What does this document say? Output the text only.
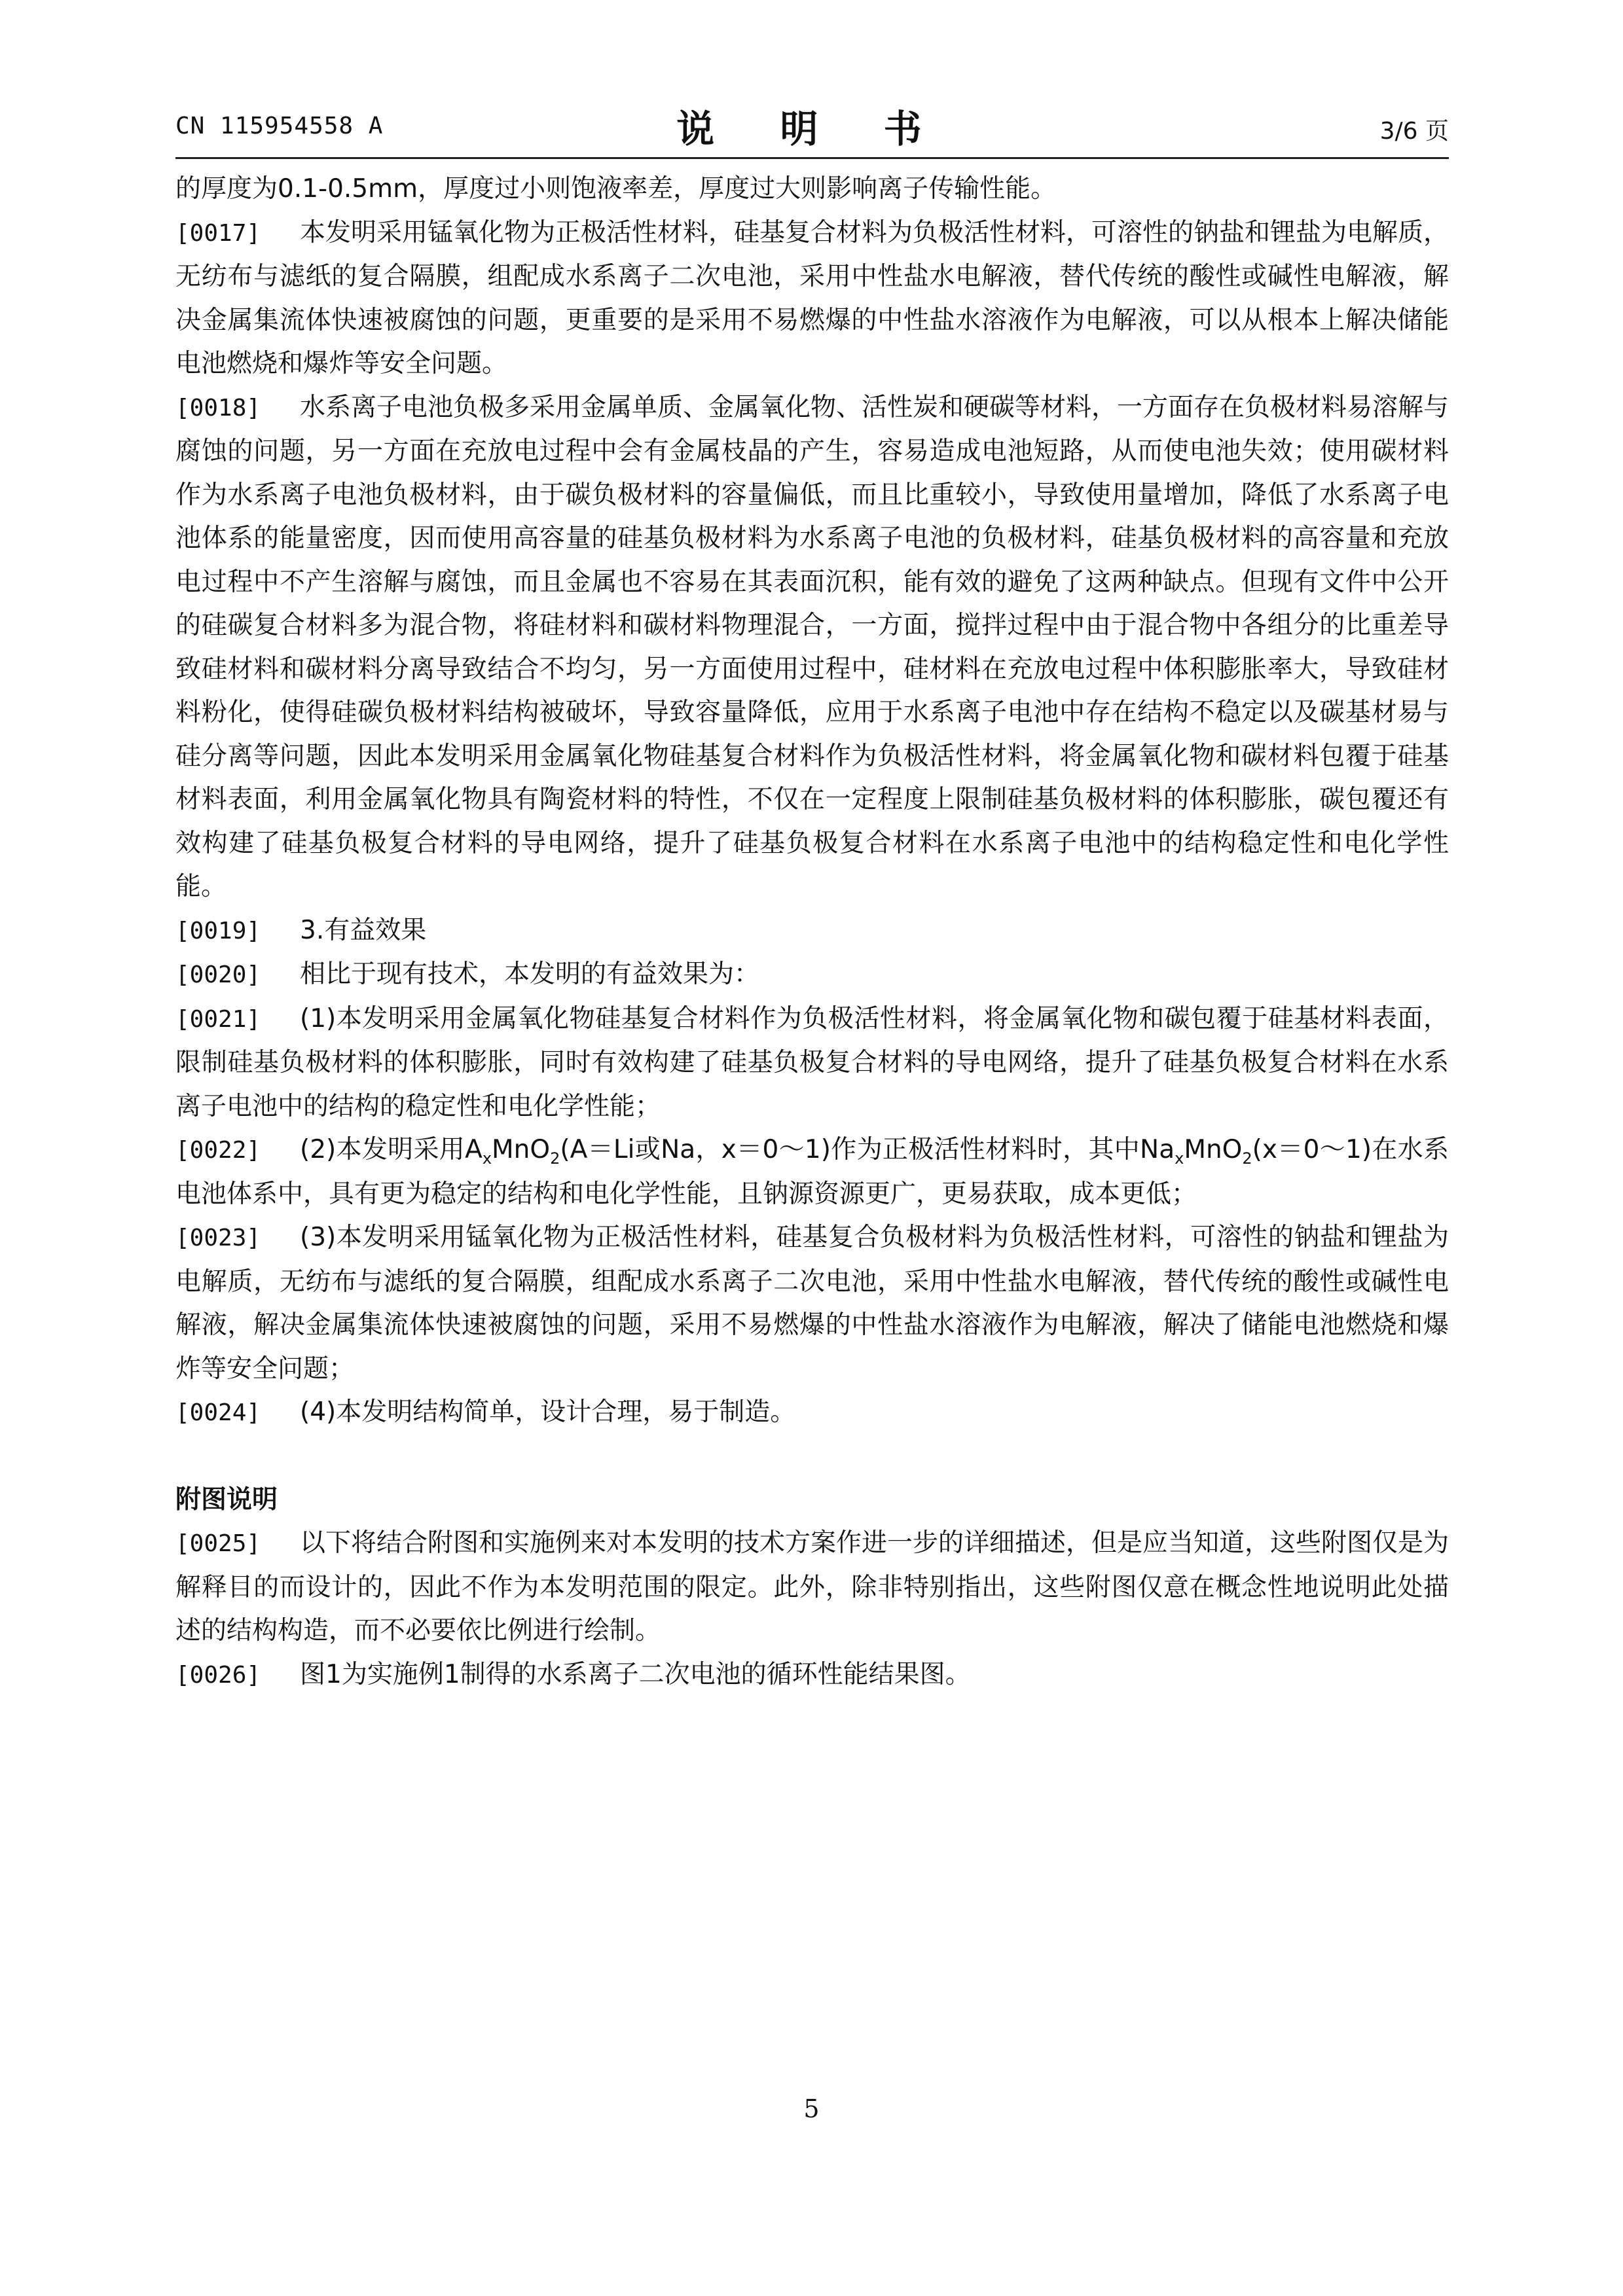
CN 115954558 A	说 明 书	3/6 页

的厚度为0.1-0.5mm，厚度过小则饱液率差，厚度过大则影响离子传输性能。

[0017] 本发明采用锰氧化物为正极活性材料，硅基复合材料为负极活性材料，可溶性的钠盐和锂盐为电解质，无纺布与滤纸的复合隔膜，组配成水系离子二次电池，采用中性盐水电解液，替代传统的酸性或碱性电解液，解决金属集流体快速被腐蚀的问题，更重要的是采用不易燃爆的中性盐水溶液作为电解液，可以从根本上解决储能电池燃烧和爆炸等安全问题。

[0018] 水系离子电池负极多采用金属单质、金属氧化物、活性炭和硬碳等材料，一方面存在负极材料易溶解与腐蚀的问题，另一方面在充放电过程中会有金属枝晶的产生，容易造成电池短路，从而使电池失效；使用碳材料作为水系离子电池负极材料，由于碳负极材料的容量偏低，而且比重较小，导致使用量增加，降低了水系离子电池体系的能量密度，因而使用高容量的硅基负极材料为水系离子电池的负极材料，硅基负极材料的高容量和充放电过程中不产生溶解与腐蚀，而且金属也不容易在其表面沉积，能有效的避免了这两种缺点。但现有文件中公开的硅碳复合材料多为混合物，将硅材料和碳材料物理混合，一方面，搅拌过程中由于混合物中各组分的比重差导致硅材料和碳材料分离导致结合不均匀，另一方面使用过程中，硅材料在充放电过程中体积膨胀率大，导致硅材料粉化，使得硅碳负极材料结构被破坏，导致容量降低，应用于水系离子电池中存在结构不稳定以及碳基材易与硅分离等问题，因此本发明采用金属氧化物硅基复合材料作为负极活性材料，将金属氧化物和碳材料包覆于硅基材料表面，利用金属氧化物具有陶瓷材料的特性，不仅在一定程度上限制硅基负极材料的体积膨胀，碳包覆还有效构建了硅基负极复合材料的导电网络，提升了硅基负极复合材料在水系离子电池中的结构稳定性和电化学性能。

[0019] 3.有益效果

[0020] 相比于现有技术，本发明的有益效果为：

[0021] (1)本发明采用金属氧化物硅基复合材料作为负极活性材料，将金属氧化物和碳包覆于硅基材料表面，限制硅基负极材料的体积膨胀，同时有效构建了硅基负极复合材料的导电网络，提升了硅基负极复合材料在水系离子电池中的结构的稳定性和电化学性能；

[0022] (2)本发明采用$A_xMnO_2(A=Li$或Na，x＝0～1)作为正极活性材料时，其中$Na_xMnO_2(x=0\sim 1)$在水系电池体系中，具有更为稳定的结构和电化学性能，且钠源资源更广，更易获取，成本更低；

[0023] (3)本发明采用锰氧化物为正极活性材料，硅基复合负极材料为负极活性材料，可溶性的钠盐和锂盐为电解质，无纺布与滤纸的复合隔膜，组配成水系离子二次电池，采用中性盐水电解液，替代传统的酸性或碱性电解液，解决金属集流体快速被腐蚀的问题，采用不易燃爆的中性盐水溶液作为电解液，解决了储能电池燃烧和爆炸等安全问题；

[0024] (4)本发明结构简单，设计合理，易于制造。

附图说明

[0025] 以下将结合附图和实施例来对本发明的技术方案作进一步的详细描述，但是应当知道，这些附图仅是为解释目的而设计的，因此不作为本发明范围的限定。此外，除非特别指出，这些附图仅意在概念性地说明此处描述的结构构造，而不必要依比例进行绘制。

[0026] 图1为实施例1制得的水系离子二次电池的循环性能结果图。

5
